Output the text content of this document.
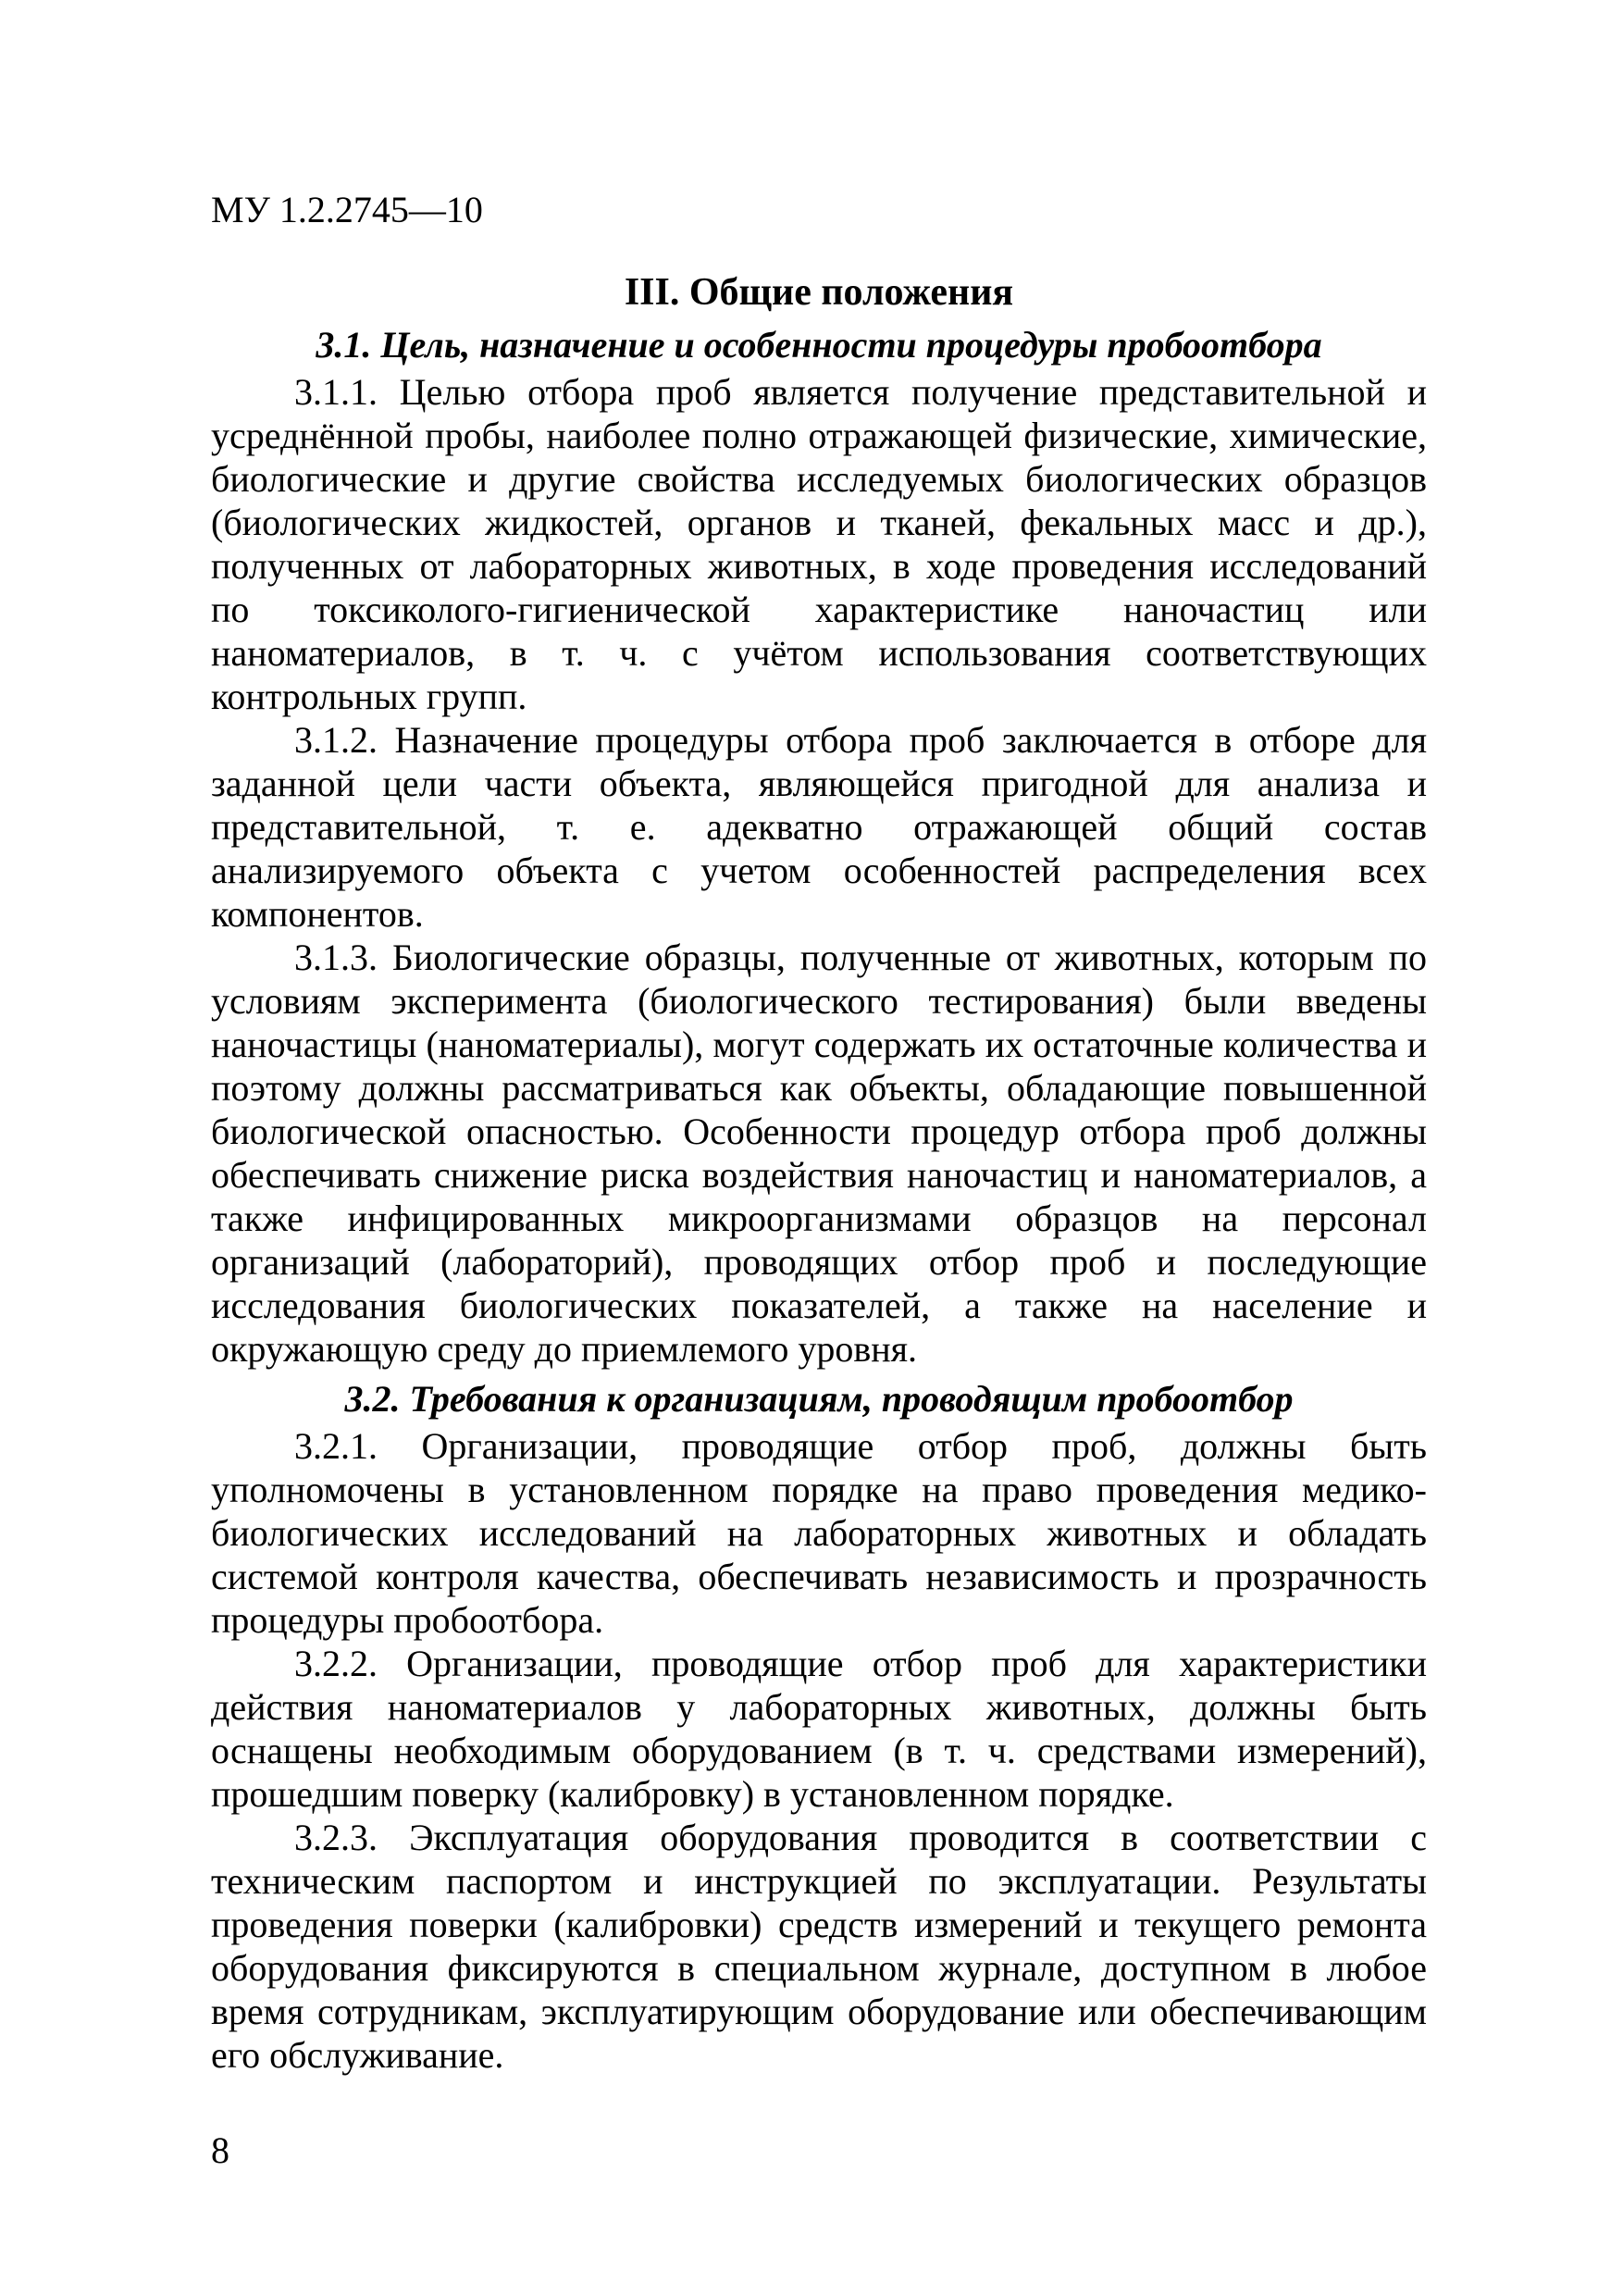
МУ 1.2.2745—10

III. Общие положения
3.1. Цель, назначение и особенности процедуры пробоотбора

3.1.1. Целью отбора проб является получение представительной и усреднённой пробы, наиболее полно отражающей физические, химические, биологические и другие свойства исследуемых биологических образцов (биологических жидкостей, органов и тканей, фекальных масс и др.), полученных от лабораторных животных, в ходе проведения исследований по токсиколого-гигиенической характеристике наночастиц или наноматериалов, в т. ч. с учётом использования соответствующих контрольных групп.

3.1.2. Назначение процедуры отбора проб заключается в отборе для заданной цели части объекта, являющейся пригодной для анализа и представительной, т. е. адекватно отражающей общий состав анализируемого объекта с учетом особенностей распределения всех компонентов.

3.1.3. Биологические образцы, полученные от животных, которым по условиям эксперимента (биологического тестирования) были введены наночастицы (наноматериалы), могут содержать их остаточные количества и поэтому должны рассматриваться как объекты, обладающие повышенной биологической опасностью. Особенности процедур отбора проб должны обеспечивать снижение риска воздействия наночастиц и наноматериалов, а также инфицированных микроорганизмами образцов на персонал организаций (лабораторий), проводящих отбор проб и последующие исследования биологических показателей, а также на население и окружающую среду до приемлемого уровня.

3.2. Требования к организациям, проводящим пробоотбор

3.2.1. Организации, проводящие отбор проб, должны быть уполномочены в установленном порядке на право проведения медико-биологических исследований на лабораторных животных и обладать системой контроля качества, обеспечивать независимость и прозрачность процедуры пробоотбора.

3.2.2. Организации, проводящие отбор проб для характеристики действия наноматериалов у лабораторных животных, должны быть оснащены необходимым оборудованием (в т. ч. средствами измерений), прошедшим поверку (калибровку) в установленном порядке.

3.2.3. Эксплуатация оборудования проводится в соответствии с техническим паспортом и инструкцией по эксплуатации. Результаты проведения поверки (калибровки) средств измерений и текущего ремонта оборудования фиксируются в специальном журнале, доступном в любое время сотрудникам, эксплуатирующим оборудование или обеспечивающим его обслуживание.

8
